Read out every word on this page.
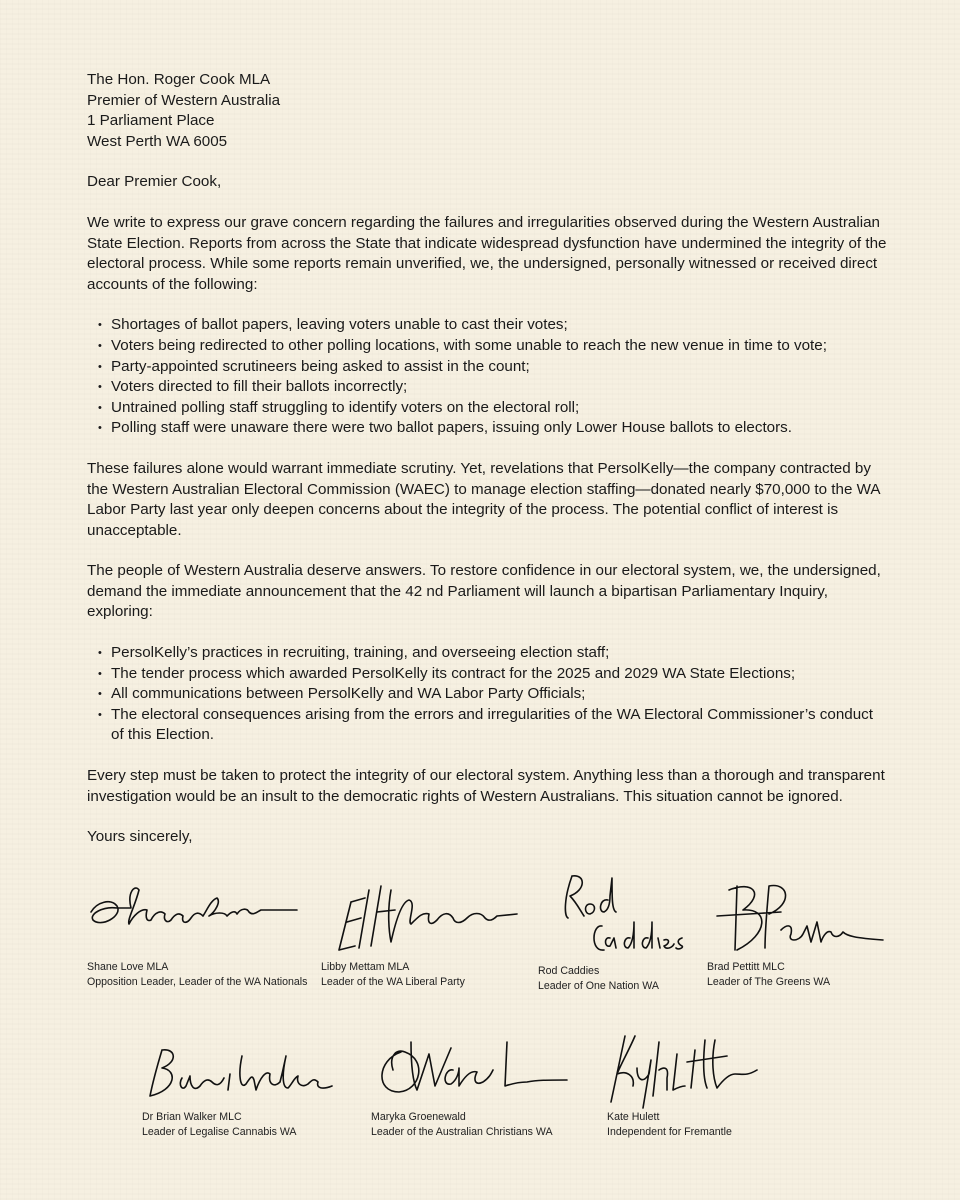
The Hon. Roger Cook MLA
Premier of Western Australia
1 Parliament Place
West Perth WA 6005

Dear Premier Cook,

We write to express our grave concern regarding the failures and irregularities observed during the Western Australian State Election. Reports from across the State that indicate widespread dysfunction have undermined the integrity of the electoral process. While some reports remain unverified, we, the undersigned, personally witnessed or received direct accounts of the following:

• Shortages of ballot papers, leaving voters unable to cast their votes;
• Voters being redirected to other polling locations, with some unable to reach the new venue in time to vote;
• Party-appointed scrutineers being asked to assist in the count;
• Voters directed to fill their ballots incorrectly;
• Untrained polling staff struggling to identify voters on the electoral roll;
• Polling staff were unaware there were two ballot papers, issuing only Lower House ballots to electors.

These failures alone would warrant immediate scrutiny. Yet, revelations that PersolKelly—the company contracted by the Western Australian Electoral Commission (WAEC) to manage election staffing—donated nearly $70,000 to the WA Labor Party last year only deepen concerns about the integrity of the process. The potential conflict of interest is unacceptable.

The people of Western Australia deserve answers. To restore confidence in our electoral system, we, the undersigned, demand the immediate announcement that the 42 nd Parliament will launch a bipartisan Parliamentary Inquiry, exploring:

• PersolKelly’s practices in recruiting, training, and overseeing election staff;
• The tender process which awarded PersolKelly its contract for the 2025 and 2029 WA State Elections;
• All communications between PersolKelly and WA Labor Party Officials;
• The electoral consequences arising from the errors and irregularities of the WA Electoral Commissioner’s conduct of this Election.

Every step must be taken to protect the integrity of our electoral system. Anything less than a thorough and transparent investigation would be an insult to the democratic rights of Western Australians. This situation cannot be ignored.

Yours sincerely,

Shane Love MLA
Opposition Leader, Leader of the WA Nationals
Libby Mettam MLA
Leader of the WA Liberal Party
Rod Caddies
Leader of One Nation WA
Brad Pettitt MLC
Leader of The Greens WA
Dr Brian Walker MLC
Leader of Legalise Cannabis WA
Maryka Groenewald
Leader of the Australian Christians WA
Kate Hulett
Independent for Fremantle
